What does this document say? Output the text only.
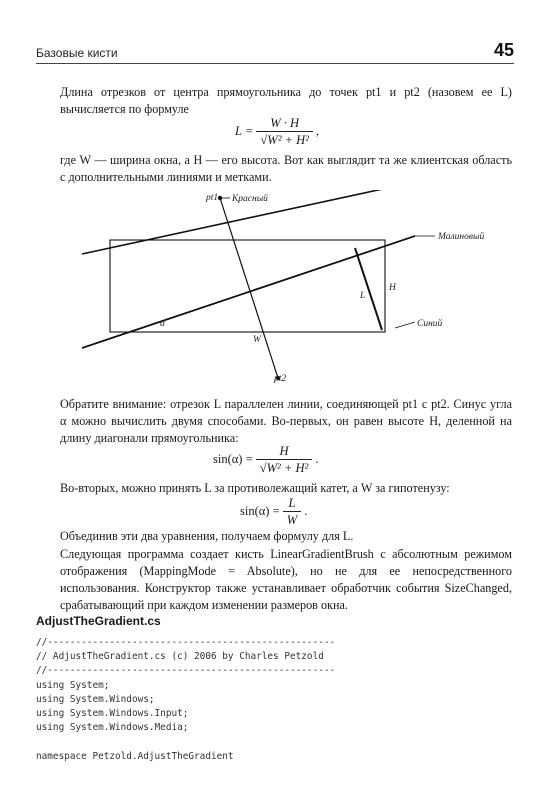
Базовые кисти	45

Длина отрезков от центра прямоугольника до точек pt1 и pt2 (назовем ее L) вычисляется по формуле

$L = \frac{W \cdot H}{\text{√W² + H²}}$ ,

где W — ширина окна, а H — его высота. Вот как выглядит та же клиентская область с дополнительными линиями и метками.

pt1 Красный
Малиновый
Синий
α
W
H
L
pt2

Обратите внимание: отрезок L параллелен линии, соединяющей pt1 с pt2. Синус угла α можно вычислить двумя способами. Во-первых, он равен высоте H, деленной на длину диагонали прямоугольника:

$\sin(\alpha) = \frac{H}{\text{√W² + H²}}$ .

Во-вторых, можно принять L за противолежащий катет, а W за гипотенузу:

$\sin(\alpha) = \frac{L}{W}$ .

Объединив эти два уравнения, получаем формулу для L.

Следующая программа создает кисть LinearGradientBrush с абсолютным режимом отображения (MappingMode = Absolute), но не для ее непосредственного использования. Конструктор также устанавливает обработчик события SizeChanged, срабатывающий при каждом изменении размеров окна.

AdjustTheGradient.cs
//---------------------------------------------------
// AdjustTheGradient.cs (c) 2006 by Charles Petzold
//---------------------------------------------------
using System;
using System.Windows;
using System.Windows.Input;
using System.Windows.Media;
namespace Petzold.AdjustTheGradient
